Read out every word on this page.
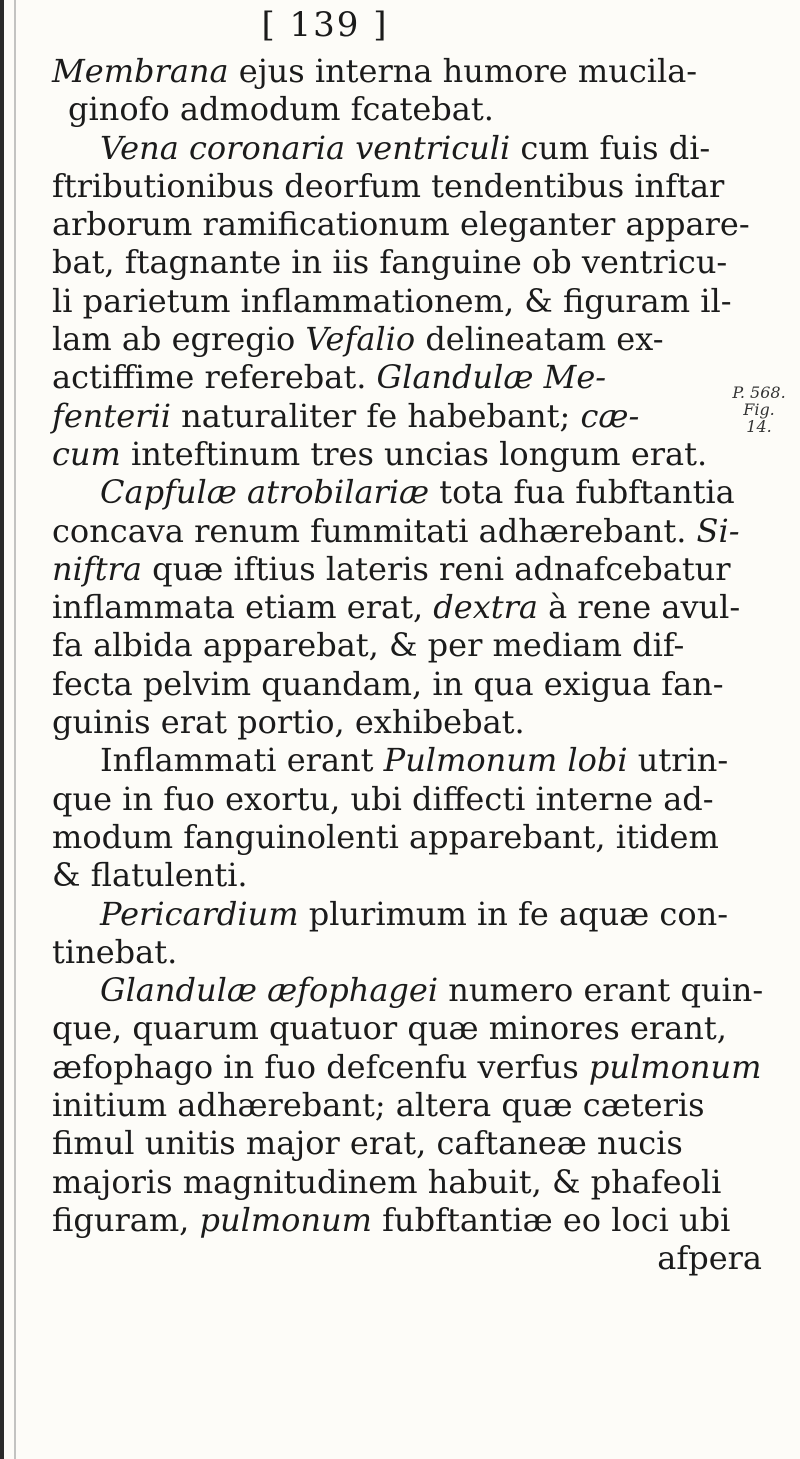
[ 139 ]
Membrana ejus interna humore mucila-
ginofo admodum fcatebat.
Vena coronaria ventriculi cum fuis di-
ftributionibus deorfum tendentibus inftar
arborum ramificationum eleganter appare-
bat, ftagnante in iis fanguine ob ventricu-
li parietum inflammationem, & figuram il-
lam ab egregio Vefalio delineatam ex-
actiffime referebat. Glandulæ Me-
fenterii naturaliter fe habebant; cæ-
cum inteftinum tres uncias longum erat.
Capfulæ atrobilariæ tota fua fubftantia
concava renum fummitati adhærebant. Si-
niftra quæ iftius lateris reni adnafcebatur
inflammata etiam erat, dextra à rene avul-
fa albida apparebat, & per mediam dif-
fecta pelvim quandam, in qua exigua fan-
guinis erat portio, exhibebat.
Inflammati erant Pulmonum lobi utrin-
que in fuo exortu, ubi diffecti interne ad-
modum fanguinolenti apparebant, itidem
& flatulenti.
Pericardium plurimum in fe aquæ con-
tinebat.
Glandulæ æfophagei numero erant quin-
que, quarum quatuor quæ minores erant,
æfophago in fuo defcenfu verfus pulmonum
initium adhærebant; altera quæ cæteris
fimul unitis major erat, caftaneæ nucis
majoris magnitudinem habuit, & phafeoli
figuram, pulmonum fubftantiæ eo loci ubi
afpera
P. 568.
Fig. 14.
